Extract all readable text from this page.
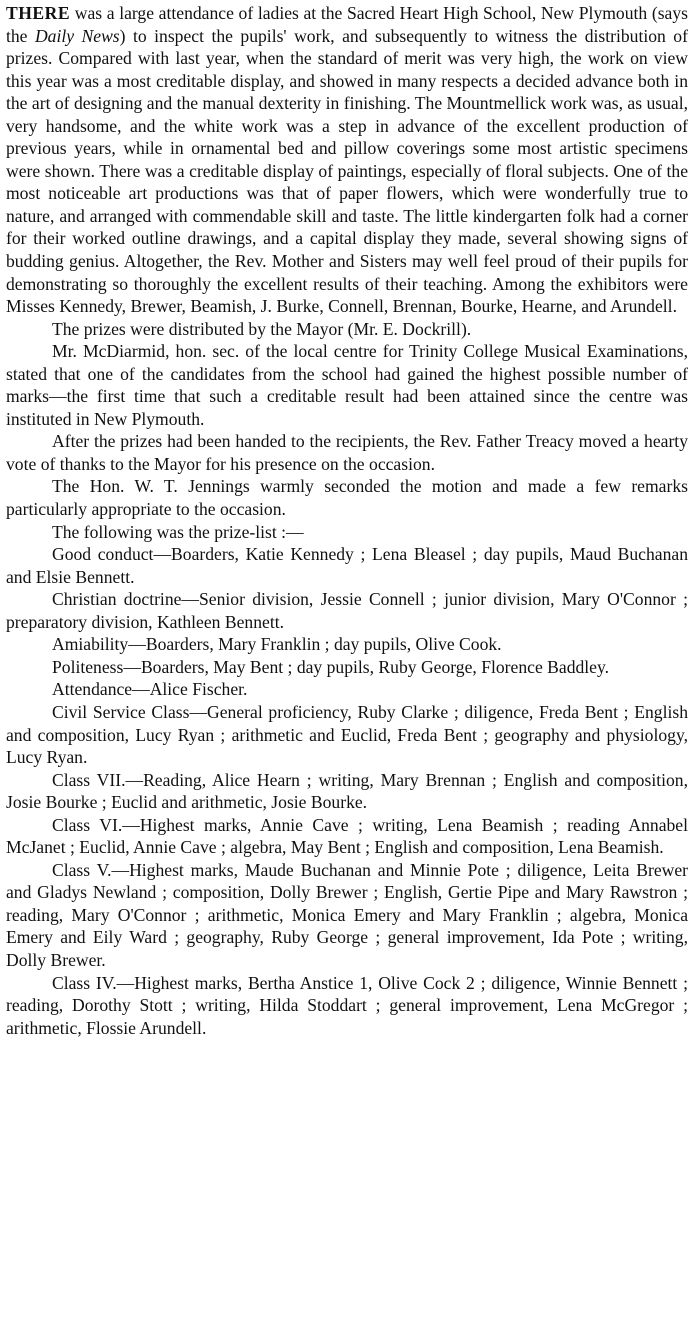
THERE was a large attendance of ladies at the Sacred Heart High School, New Plymouth (says the Daily News) to inspect the pupils' work, and subsequently to witness the distribution of prizes. Compared with last year, when the standard of merit was very high, the work on view this year was a most creditable display, and showed in many respects a decided advance both in the art of designing and the manual dexterity in finishing. The Mountmellick work was, as usual, very handsome, and the white work was a step in advance of the excellent production of previous years, while in ornamental bed and pillow coverings some most artistic specimens were shown. There was a creditable display of paintings, especially of floral subjects. One of the most noticeable art productions was that of paper flowers, which were wonderfully true to nature, and arranged with commendable skill and taste. The little kindergarten folk had a corner for their worked outline drawings, and a capital display they made, several showing signs of budding genius. Altogether, the Rev. Mother and Sisters may well feel proud of their pupils for demonstrating so thoroughly the excellent results of their teaching. Among the exhibitors were Misses Kennedy, Brewer, Beamish, J. Burke, Connell, Brennan, Bourke, Hearne, and Arundell.

The prizes were distributed by the Mayor (Mr. E. Dockrill).

Mr. McDiarmid, hon. sec. of the local centre for Trinity College Musical Examinations, stated that one of the candidates from the school had gained the highest possible number of marks—the first time that such a creditable result had been attained since the centre was instituted in New Plymouth.

After the prizes had been handed to the recipients, the Rev. Father Treacy moved a hearty vote of thanks to the Mayor for his presence on the occasion.

The Hon. W. T. Jennings warmly seconded the motion and made a few remarks particularly appropriate to the occasion.

The following was the prize-list :—

Good conduct—Boarders, Katie Kennedy ; Lena Bleasel ; day pupils, Maud Buchanan and Elsie Bennett.

Christian doctrine—Senior division, Jessie Connell ; junior division, Mary O'Connor ; preparatory division, Kathleen Bennett.

Amiability—Boarders, Mary Franklin ; day pupils, Olive Cook.

Politeness—Boarders, May Bent ; day pupils, Ruby George, Florence Baddley.

Attendance—Alice Fischer.

Civil Service Class—General proficiency, Ruby Clarke ; diligence, Freda Bent ; English and composition, Lucy Ryan ; arithmetic and Euclid, Freda Bent ; geography and physiology, Lucy Ryan.

Class VII.—Reading, Alice Hearn ; writing, Mary Brennan ; English and composition, Josie Bourke ; Euclid and arithmetic, Josie Bourke.

Class VI.—Highest marks, Annie Cave ; writing, Lena Beamish ; reading Annabel McJanet ; Euclid, Annie Cave ; algebra, May Bent ; English and composition, Lena Beamish.

Class V.—Highest marks, Maude Buchanan and Minnie Pote ; diligence, Leita Brewer and Gladys Newland ; composition, Dolly Brewer ; English, Gertie Pipe and Mary Rawstron ; reading, Mary O'Connor ; arithmetic, Monica Emery and Mary Franklin ; algebra, Monica Emery and Eily Ward ; geography, Ruby George ; general improvement, Ida Pote ; writing, Dolly Brewer.

Class IV.—Highest marks, Bertha Anstice 1, Olive Cock 2 ; diligence, Winnie Bennett ; reading, Dorothy Stott ; writing, Hilda Stoddart ; general improvement, Lena McGregor ; arithmetic, Flossie Arundell.
